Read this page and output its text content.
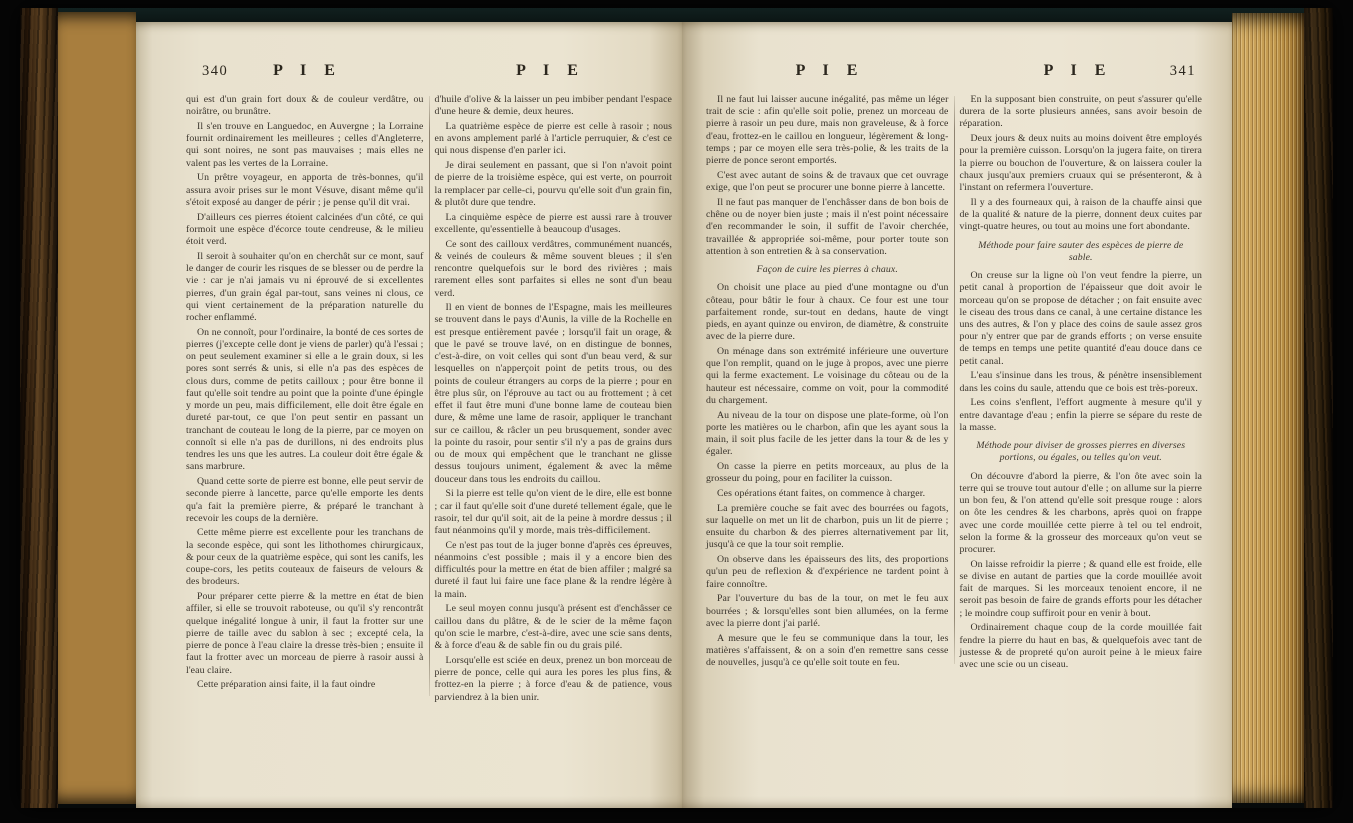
340	P I E	P I E

qui est d'un grain fort doux & de couleur verdâtre, ou noirâtre, ou brunâtre.

Il s'en trouve en Languedoc, en Auvergne ; la Lorraine fournit ordinairement les meilleures ; celles d'Angleterre, qui sont noires, ne sont pas mauvaises ; mais elles ne valent pas les vertes de la Lorraine.

Un prêtre voyageur, en apporta de très-bonnes, qu'il assura avoir prises sur le mont Vésuve, disant même qu'il s'étoit exposé au danger de périr ; je pense qu'il dit vrai.

D'ailleurs ces pierres étoient calcinées d'un côté, ce qui formoit une espèce d'écorce toute cendreuse, & le milieu étoit verd.

Il seroit à souhaiter qu'on en cherchât sur ce mont, sauf le danger de courir les risques de se blesser ou de perdre la vie : car je n'ai jamais vu ni éprouvé de si excellentes pierres, d'un grain égal par-tout, sans veines ni clous, ce qui vient certainement de la préparation naturelle du rocher enflammé.

On ne connoît, pour l'ordinaire, la bonté de ces sortes de pierres (j'excepte celle dont je viens de parler) qu'à l'essai ; on peut seulement examiner si elle a le grain doux, si les pores sont serrés & unis, si elle n'a pas des espèces de clous durs, comme de petits cailloux ; pour être bonne il faut qu'elle soit tendre au point que la pointe d'une épingle y morde un peu, mais difficilement, elle doit être égale en dureté par-tout, ce que l'on peut sentir en passant un tranchant de couteau le long de la pierre, par ce moyen on connoît si elle n'a pas de durillons, ni des endroits plus tendres les uns que les autres. La couleur doit être égale & sans marbrure.

Quand cette sorte de pierre est bonne, elle peut servir de seconde pierre à lancette, parce qu'elle emporte les dents qu'a fait la première pierre, & préparé le tranchant à recevoir les coups de la dernière.

Cette même pierre est excellente pour les tranchans de la seconde espèce, qui sont les lithothomes chirurgicaux, & pour ceux de la quatrième espèce, qui sont les canifs, les coupe-cors, les petits couteaux de faiseurs de velours & des brodeurs.

Pour préparer cette pierre & la mettre en état de bien affiler, si elle se trouvoit raboteuse, ou qu'il s'y rencontrât quelque inégalité longue à unir, il faut la frotter sur une pierre de taille avec du sablon à sec ; excepté cela, la pierre de ponce à l'eau claire la dresse très-bien ; ensuite il faut la frotter avec un morceau de pierre à rasoir aussi à l'eau claire.

Cette préparation ainsi faite, il la faut oindre

d'huile d'olive & la laisser un peu imbiber pendant l'espace d'une heure & demie, deux heures.

La quatrième espèce de pierre est celle à rasoir ; nous en avons amplement parlé à l'article perruquier, & c'est ce qui nous dispense d'en parler ici.

Je dirai seulement en passant, que si l'on n'avoit point de pierre de la troisième espèce, qui est verte, on pourroit la remplacer par celle-ci, pourvu qu'elle soit d'un grain fin, & plutôt dure que tendre.

La cinquième espèce de pierre est aussi rare à trouver excellente, qu'essentielle à beaucoup d'usages.

Ce sont des cailloux verdâtres, communément nuancés, & veinés de couleurs & même souvent bleues ; il s'en rencontre quelquefois sur le bord des rivières ; mais rarement elles sont parfaites si elles ne sont d'un beau verd.

Il en vient de bonnes de l'Espagne, mais les meilleures se trouvent dans le pays d'Aunis, la ville de la Rochelle en est presque entièrement pavée ; lorsqu'il fait un orage, & que le pavé se trouve lavé, on en distingue de bonnes, c'est-à-dire, on voit celles qui sont d'un beau verd, & sur lesquelles on n'apperçoit point de petits trous, ou des points de couleur étrangers au corps de la pierre ; pour en être plus sûr, on l'éprouve au tact ou au frottement ; à cet effet il faut être muni d'une bonne lame de couteau bien dure, & même une lame de rasoir, appliquer le tranchant sur ce caillou, & râcler un peu brusquement, sonder avec la pointe du rasoir, pour sentir s'il n'y a pas de grains durs ou de moux qui empêchent que le tranchant ne glisse dessus toujours uniment, également & avec la même douceur dans tous les endroits du caillou.

Si la pierre est telle qu'on vient de le dire, elle est bonne ; car il faut qu'elle soit d'une dureté tellement égale, que le rasoir, tel dur qu'il soit, ait de la peine à mordre dessus ; il faut néanmoins qu'il y morde, mais très-difficilement.

Ce n'est pas tout de la juger bonne d'après ces épreuves, néanmoins c'est possible ; mais il y a encore bien des difficultés pour la mettre en état de bien affiler ; malgré sa dureté il faut lui faire une face plane & la rendre légère à la main.

Le seul moyen connu jusqu'à présent est d'enchâsser ce caillou dans du plâtre, & de le scier de la même façon qu'on scie le marbre, c'est-à-dire, avec une scie sans dents, & à force d'eau & de sable fin ou du grais pilé.

Lorsqu'elle est sciée en deux, prenez un bon morceau de pierre de ponce, celle qui aura les pores les plus fins, & frottez-en la pierre ; à force d'eau & de patience, vous parviendrez à la bien unir.

P I E	P I E	341

Il ne faut lui laisser aucune inégalité, pas même un léger trait de scie : afin qu'elle soit polie, prenez un morceau de pierre à rasoir un peu dure, mais non graveleuse, & à force d'eau, frottez-en le caillou en longueur, légèrement & long-temps ; par ce moyen elle sera très-polie, & les traits de la pierre de ponce seront emportés.

C'est avec autant de soins & de travaux que cet ouvrage exige, que l'on peut se procurer une bonne pierre à lancette.

Il ne faut pas manquer de l'enchâsser dans de bon bois de chêne ou de noyer bien juste ; mais il n'est point nécessaire d'en recommander le soin, il suffit de l'avoir cherchée, travaillée & appropriée soi-même, pour porter toute son attention à son entretien & à sa conservation.

Façon de cuire les pierres à chaux.

On choisit une place au pied d'une montagne ou d'un côteau, pour bâtir le four à chaux. Ce four est une tour parfaitement ronde, sur-tout en dedans, haute de vingt pieds, en ayant quinze ou environ, de diamètre, & construite avec de la pierre dure.

On ménage dans son extrémité inférieure une ouverture que l'on remplit, quand on le juge à propos, avec une pierre qui la ferme exactement. Le voisinage du côteau ou de la hauteur est nécessaire, comme on voit, pour la commodité du chargement.

Au niveau de la tour on dispose une plate-forme, où l'on porte les matières ou le charbon, afin que les ayant sous la main, il soit plus facile de les jetter dans la tour & de les y égaler.

On casse la pierre en petits morceaux, au plus de la grosseur du poing, pour en faciliter la cuisson.

Ces opérations étant faites, on commence à charger.

La première couche se fait avec des bourrées ou fagots, sur laquelle on met un lit de charbon, puis un lit de pierre ; ensuite du charbon & des pierres alternativement par lit, jusqu'à ce que la tour soit remplie.

On observe dans les épaisseurs des lits, des proportions qu'un peu de reflexion & d'expérience ne tardent point à faire connoître.

Par l'ouverture du bas de la tour, on met le feu aux bourrées ; & lorsqu'elles sont bien allumées, on la ferme avec la pierre dont j'ai parlé.

A mesure que le feu se communique dans la tour, les matières s'affaissent, & on a soin d'en remettre sans cesse de nouvelles, jusqu'à ce qu'elle soit toute en feu.

En la supposant bien construite, on peut s'assurer qu'elle durera de la sorte plusieurs années, sans avoir besoin de réparation.

Deux jours & deux nuits au moins doivent être employés pour la première cuisson. Lorsqu'on la jugera faite, on tirera la pierre ou bouchon de l'ouverture, & on laissera couler la chaux jusqu'aux premiers cruaux qui se présenteront, & à l'instant on refermera l'ouverture.

Il y a des fourneaux qui, à raison de la chauffe ainsi que de la qualité & nature de la pierre, donnent deux cuites par vingt-quatre heures, ou tout au moins une fort abondante.

Méthode pour faire sauter des espèces de pierre de sable.

On creuse sur la ligne où l'on veut fendre la pierre, un petit canal à proportion de l'épaisseur que doit avoir le morceau qu'on se propose de détacher ; on fait ensuite avec le ciseau des trous dans ce canal, à une certaine distance les uns des autres, & l'on y place des coins de saule assez gros pour n'y entrer que par de grands efforts ; on verse ensuite de temps en temps une petite quantité d'eau douce dans ce petit canal.

L'eau s'insinue dans les trous, & pénètre insensiblement dans les coins du saule, attendu que ce bois est très-poreux.

Les coins s'enflent, l'effort augmente à mesure qu'il y entre davantage d'eau ; enfin la pierre se sépare du reste de la masse.

Méthode pour diviser de grosses pierres en diverses portions, ou égales, ou telles qu'on veut.

On découvre d'abord la pierre, & l'on ôte avec soin la terre qui se trouve tout autour d'elle ; on allume sur la pierre un bon feu, & l'on attend qu'elle soit presque rouge : alors on ôte les cendres & les charbons, après quoi on frappe avec une corde mouillée cette pierre à tel ou tel endroit, selon la forme & la grosseur des morceaux qu'on veut se procurer.

On laisse refroidir la pierre ; & quand elle est froide, elle se divise en autant de parties que la corde mouillée avoit fait de marques. Si les morceaux tenoient encore, il ne seroit pas besoin de faire de grands efforts pour les détacher ; le moindre coup suffiroit pour en venir à bout.

Ordinairement chaque coup de la corde mouillée fait fendre la pierre du haut en bas, & quelquefois avec tant de justesse & de propreté qu'on auroit peine à le mieux faire avec une scie ou un ciseau.
